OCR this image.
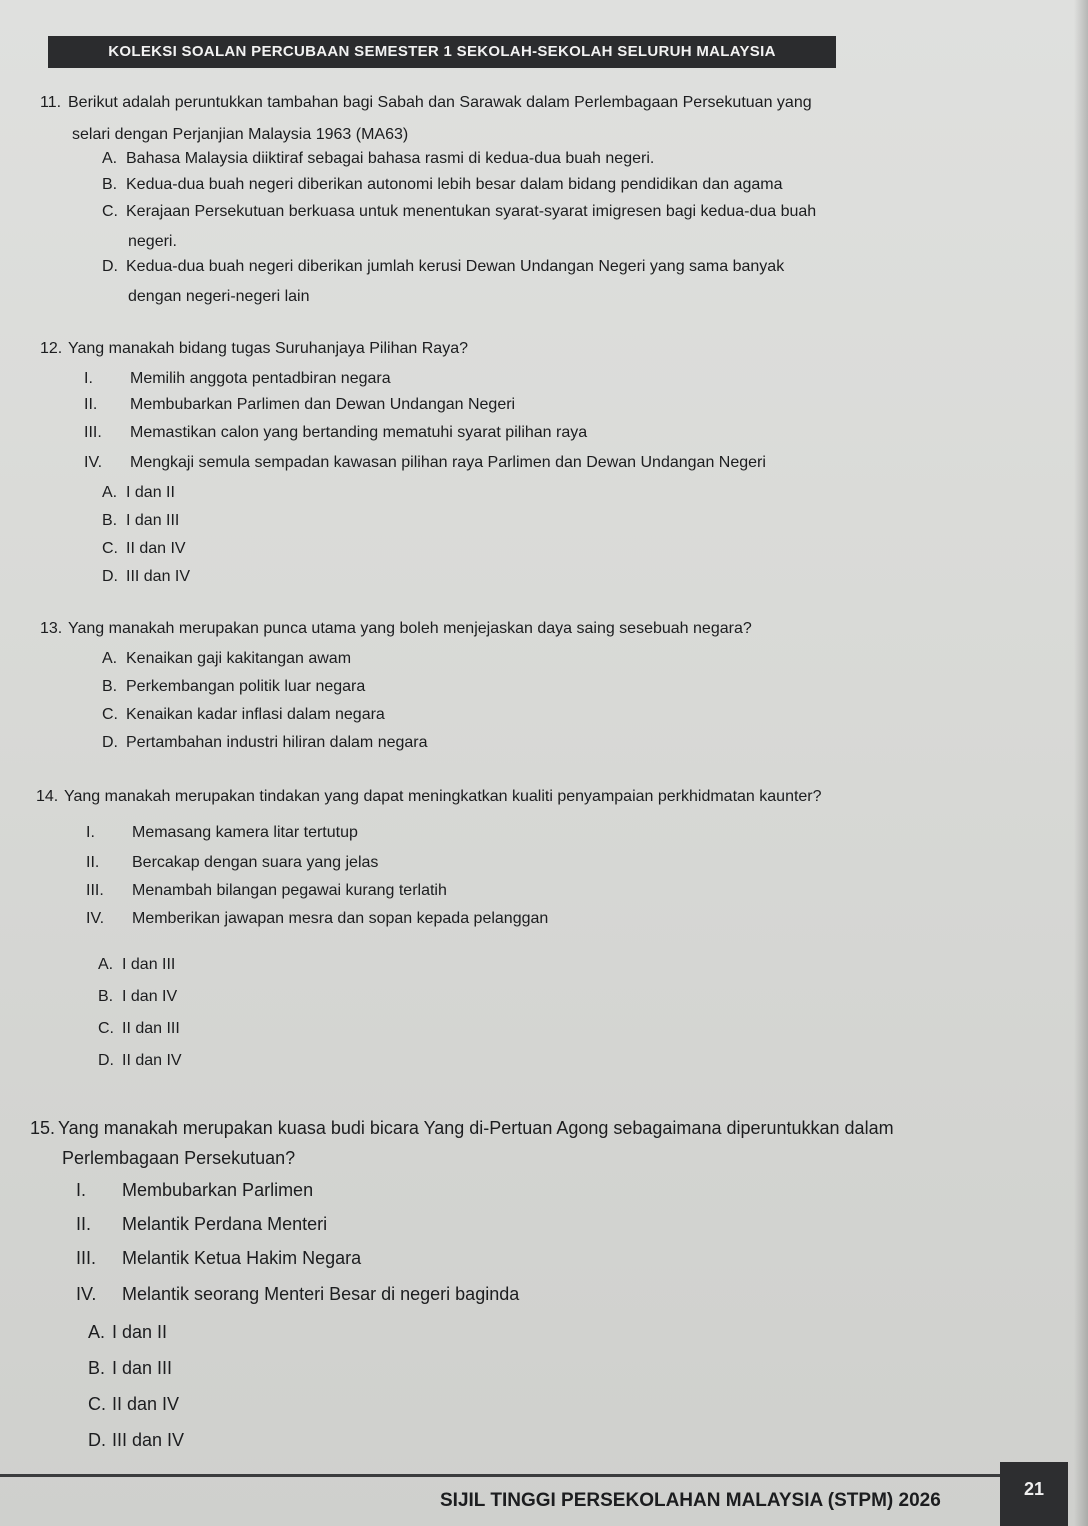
KOLEKSI SOALAN PERCUBAAN SEMESTER 1 SEKOLAH-SEKOLAH SELURUH MALAYSIA
11. Berikut adalah peruntukkan tambahan bagi Sabah dan Sarawak dalam Perlembagaan Persekutuan yang
selari dengan Perjanjian Malaysia 1963 (MA63)
A. Bahasa Malaysia diiktiraf sebagai bahasa rasmi di kedua-dua buah negeri.
B. Kedua-dua buah negeri diberikan autonomi lebih besar dalam bidang pendidikan dan agama
C. Kerajaan Persekutuan berkuasa untuk menentukan syarat-syarat imigresen bagi kedua-dua buah
negeri.
D. Kedua-dua buah negeri diberikan jumlah kerusi Dewan Undangan Negeri yang sama banyak
dengan negeri-negeri lain
12. Yang manakah bidang tugas Suruhanjaya Pilihan Raya?
I. Memilih anggota pentadbiran negara
II. Membubarkan Parlimen dan Dewan Undangan Negeri
III. Memastikan calon yang bertanding mematuhi syarat pilihan raya
IV. Mengkaji semula sempadan kawasan pilihan raya Parlimen dan Dewan Undangan Negeri
A. I dan II
B. I dan III
C. II dan IV
D. III dan IV
13. Yang manakah merupakan punca utama yang boleh menjejaskan daya saing sesebuah negara?
A. Kenaikan gaji kakitangan awam
B. Perkembangan politik luar negara
C. Kenaikan kadar inflasi dalam negara
D. Pertambahan industri hiliran dalam negara
14. Yang manakah merupakan tindakan yang dapat meningkatkan kualiti penyampaian perkhidmatan kaunter?
I. Memasang kamera litar tertutup
II. Bercakap dengan suara yang jelas
III. Menambah bilangan pegawai kurang terlatih
IV. Memberikan jawapan mesra dan sopan kepada pelanggan
A. I dan III
B. I dan IV
C. II dan III
D. II dan IV
15. Yang manakah merupakan kuasa budi bicara Yang di-Pertuan Agong sebagaimana diperuntukkan dalam
Perlembagaan Persekutuan?
I. Membubarkan Parlimen
II. Melantik Perdana Menteri
III. Melantik Ketua Hakim Negara
IV. Melantik seorang Menteri Besar di negeri baginda
A. I dan II
B. I dan III
C. II dan IV
D. III dan IV
SIJIL TINGGI PERSEKOLAHAN MALAYSIA (STPM) 2026
21
